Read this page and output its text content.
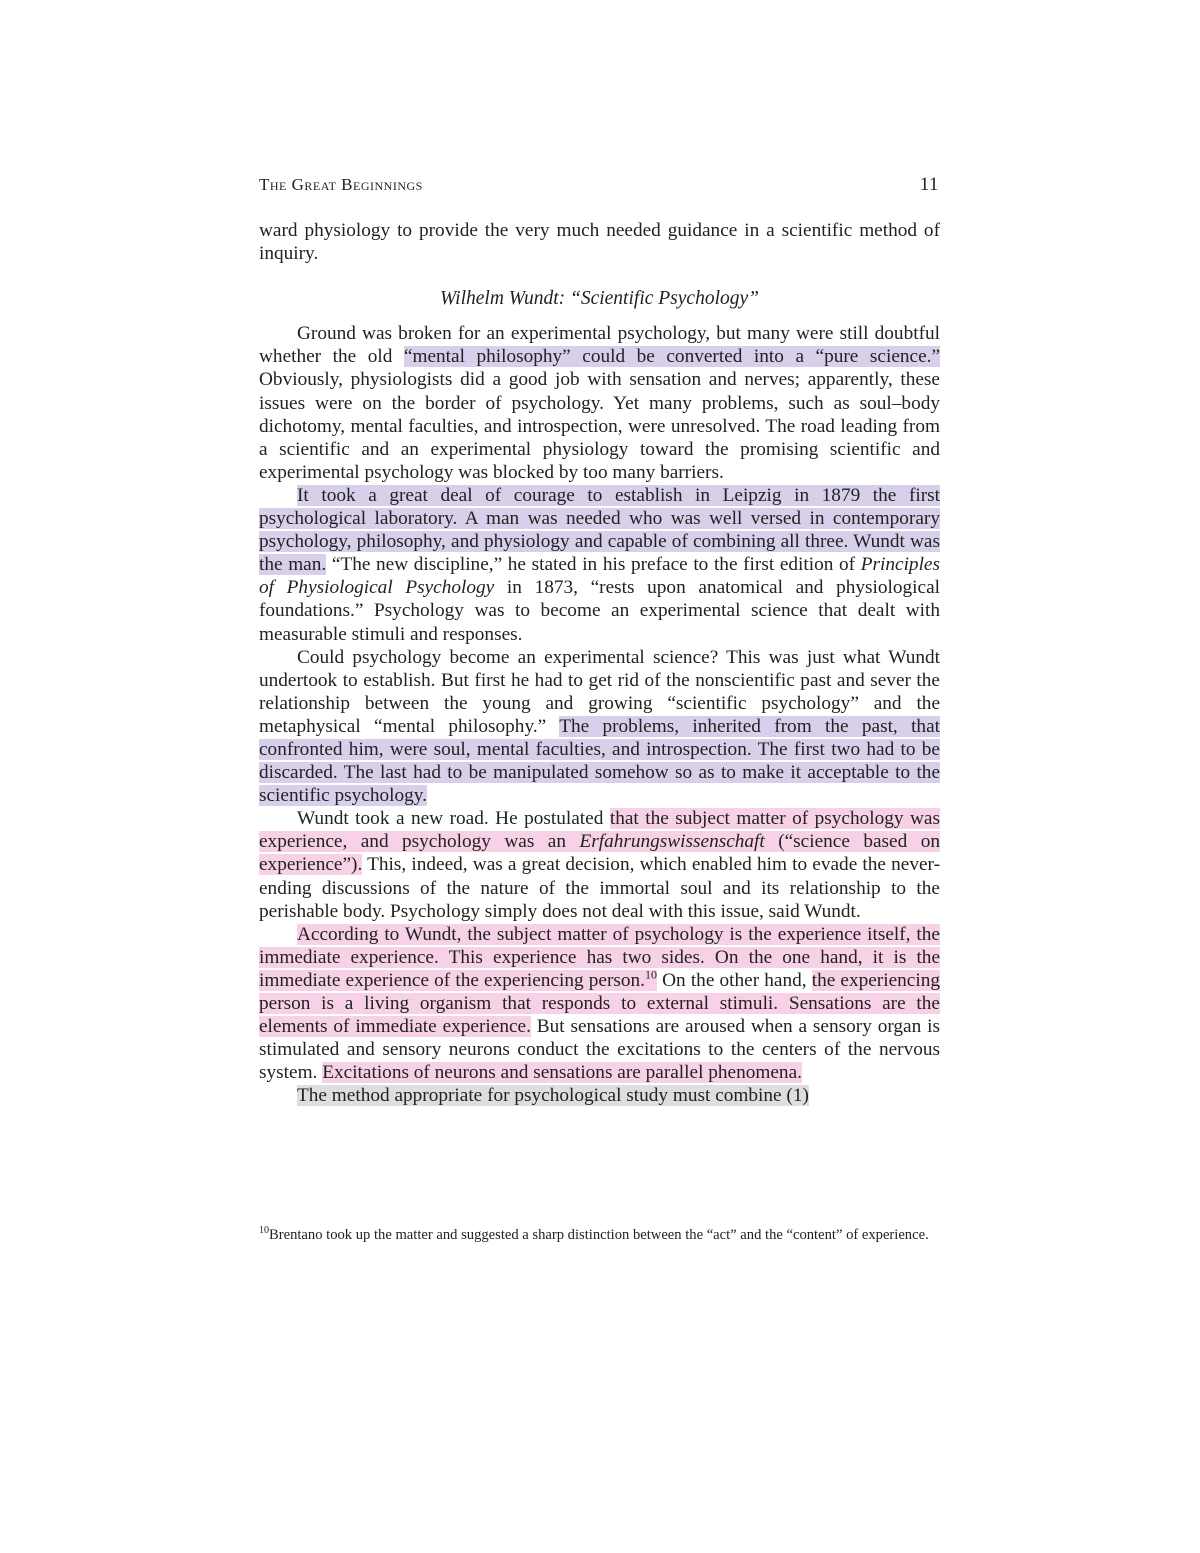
The Great Beginnings	11

ward physiology to provide the very much needed guidance in a scientific method of inquiry.

Wilhelm Wundt: “Scientific Psychology”

Ground was broken for an experimental psychology, but many were still doubtful whether the old “mental philosophy” could be converted into a “pure science.” Obviously, physiologists did a good job with sensation and nerves; apparently, these issues were on the border of psychology. Yet many problems, such as soul–body dichotomy, mental faculties, and introspection, were unresolved. The road leading from a scientific and an experimental physiology toward the promising scientific and experimental psychology was blocked by too many barriers.

It took a great deal of courage to establish in Leipzig in 1879 the first psychological laboratory. A man was needed who was well versed in contemporary psychology, philosophy, and physiology and capable of combining all three. Wundt was the man. “The new discipline,” he stated in his preface to the first edition of Principles of Physiological Psychology in 1873, “rests upon anatomical and physiological foundations.” Psychology was to become an experimental science that dealt with measurable stimuli and responses.

Could psychology become an experimental science? This was just what Wundt undertook to establish. But first he had to get rid of the nonscientific past and sever the relationship between the young and growing “scientific psychology” and the metaphysical “mental philosophy.” The problems, inherited from the past, that confronted him, were soul, mental faculties, and introspection. The first two had to be discarded. The last had to be manipulated somehow so as to make it acceptable to the scientific psychology.

Wundt took a new road. He postulated that the subject matter of psychology was experience, and psychology was an Erfahrungswissenschaft (“science based on experience”). This, indeed, was a great decision, which enabled him to evade the never-ending discussions of the nature of the immortal soul and its relationship to the perishable body. Psychology simply does not deal with this issue, said Wundt.

According to Wundt, the subject matter of psychology is the experience itself, the immediate experience. This experience has two sides. On the one hand, it is the immediate experience of the experiencing person.$^{10}$ On the other hand, the experiencing person is a living organism that responds to external stimuli. Sensations are the elements of immediate experience. But sensations are aroused when a sensory organ is stimulated and sensory neurons conduct the excitations to the centers of the nervous system. Excitations of neurons and sensations are parallel phenomena.

The method appropriate for psychological study must combine (1)

$^{10}$Brentano took up the matter and suggested a sharp distinction between the “act” and the “content” of experience.
